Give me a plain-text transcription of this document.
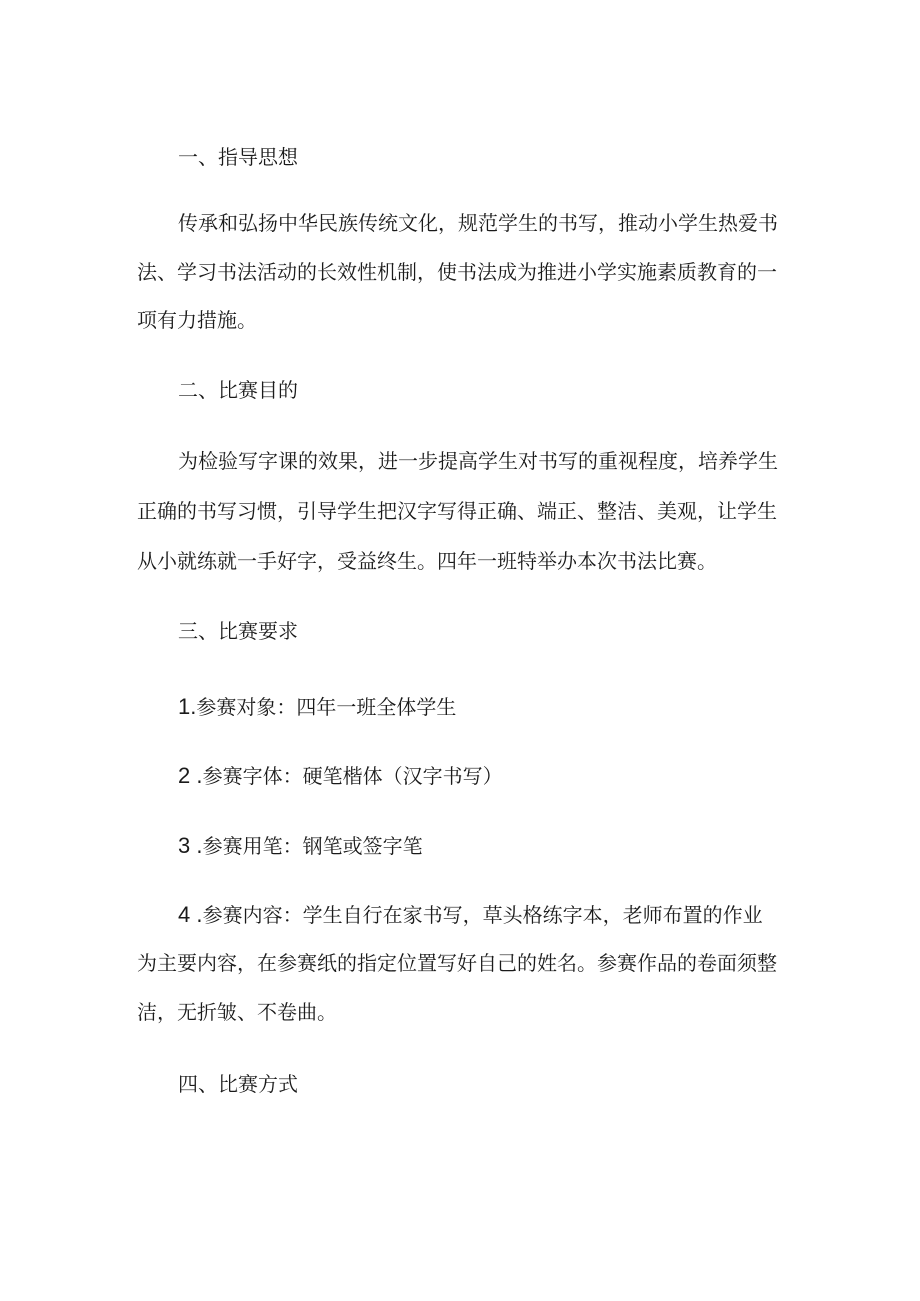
一、指导思想

传承和弘扬中华民族传统文化，规范学生的书写，推动小学生热爱书

法、学习书法活动的长效性机制，使书法成为推进小学实施素质教育的一

项有力措施。

二、比赛目的

为检验写字课的效果，进一步提高学生对书写的重视程度，培养学生

正确的书写习惯，引导学生把汉字写得正确、端正、整洁、美观，让学生

从小就练就一手好字，受益终生。四年一班特举办本次书法比赛。

三、比赛要求

1.参赛对象：四年一班全体学生

2 .参赛字体：硬笔楷体（汉字书写）

3 .参赛用笔：钢笔或签字笔

4 .参赛内容：学生自行在家书写，草头格练字本，老师布置的作业

为主要内容，在参赛纸的指定位置写好自己的姓名。参赛作品的卷面须整

洁，无折皱、不卷曲。

四、比赛方式
